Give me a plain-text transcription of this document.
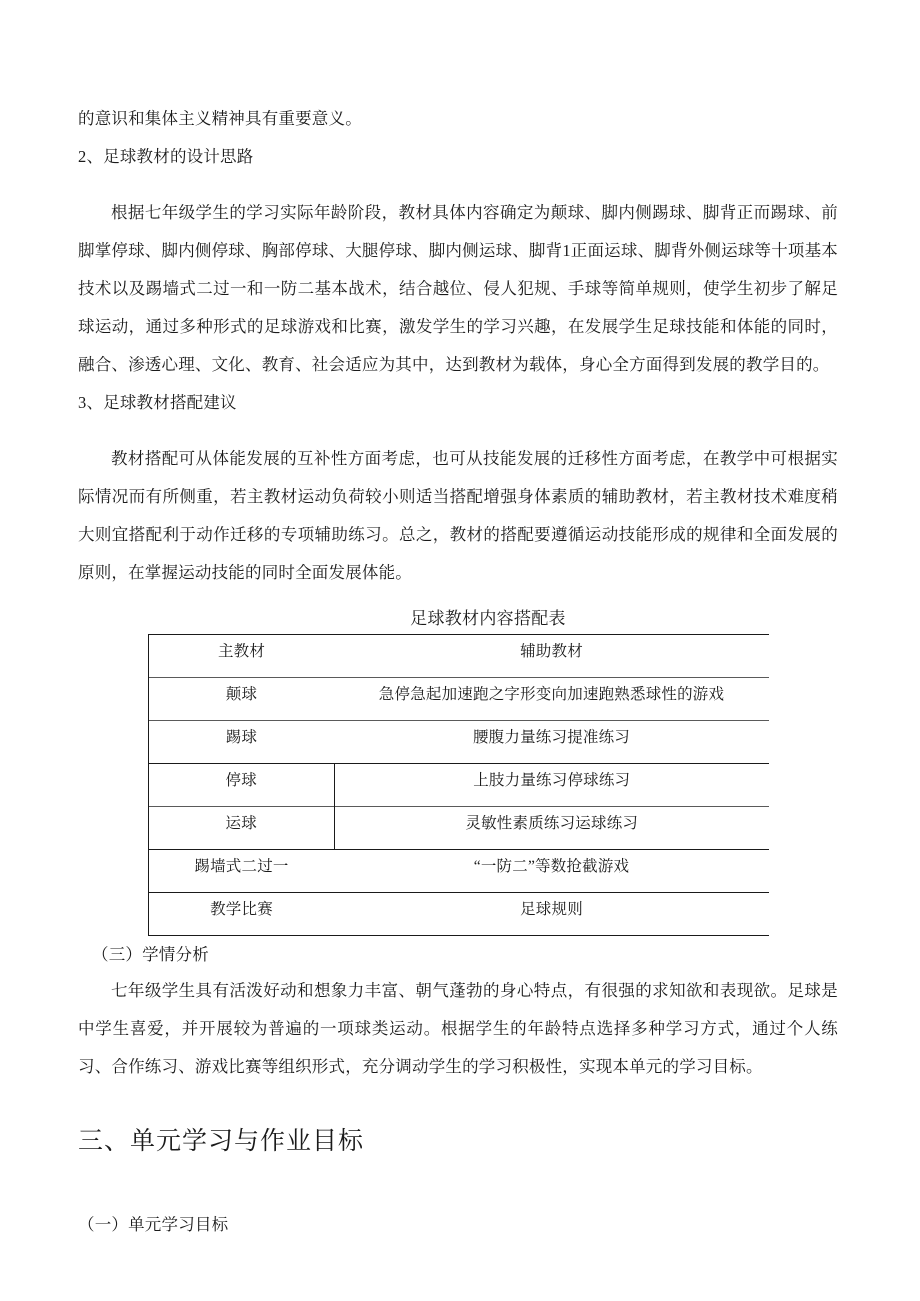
的意识和集体主义精神具有重要意义。

2、足球教材的设计思路

根据七年级学生的学习实际年龄阶段，教材具体内容确定为颠球、脚内侧踢球、脚背正而踢球、前脚掌停球、脚内侧停球、胸部停球、大腿停球、脚内侧运球、脚背1正面运球、脚背外侧运球等十项基本技术以及踢墙式二过一和一防二基本战术，结合越位、侵人犯规、手球等简单规则，使学生初步了解足球运动，通过多种形式的足球游戏和比赛，激发学生的学习兴趣，在发展学生足球技能和体能的同时，融合、渗透心理、文化、教育、社会适应为其中，达到教材为载体，身心全方面得到发展的教学目的。

3、足球教材搭配建议

教材搭配可从体能发展的互补性方面考虑，也可从技能发展的迁移性方面考虑，在教学中可根据实际情况而有所侧重，若主教材运动负荷较小则适当搭配增强身体素质的辅助教材，若主教材技术难度稍大则宜搭配利于动作迁移的专项辅助练习。总之，教材的搭配要遵循运动技能形成的规律和全面发展的原则，在掌握运动技能的同时全面发展体能。

足球教材内容搭配表

主教材	辅助教材
颠球	急停急起加速跑之字形变向加速跑熟悉球性的游戏
踢球	腰腹力量练习提准练习
停球	上肢力量练习停球练习
运球	灵敏性素质练习运球练习
踢墙式二过一	“一防二”等数抢截游戏
教学比赛	足球规则

（三）学情分析

七年级学生具有活泼好动和想象力丰富、朝气蓬勃的身心特点，有很强的求知欲和表现欲。足球是中学生喜爱，并开展较为普遍的一项球类运动。根据学生的年龄特点选择多种学习方式，通过个人练习、合作练习、游戏比赛等组织形式，充分调动学生的学习积极性，实现本单元的学习目标。

三、单元学习与作业目标

（一）单元学习目标
